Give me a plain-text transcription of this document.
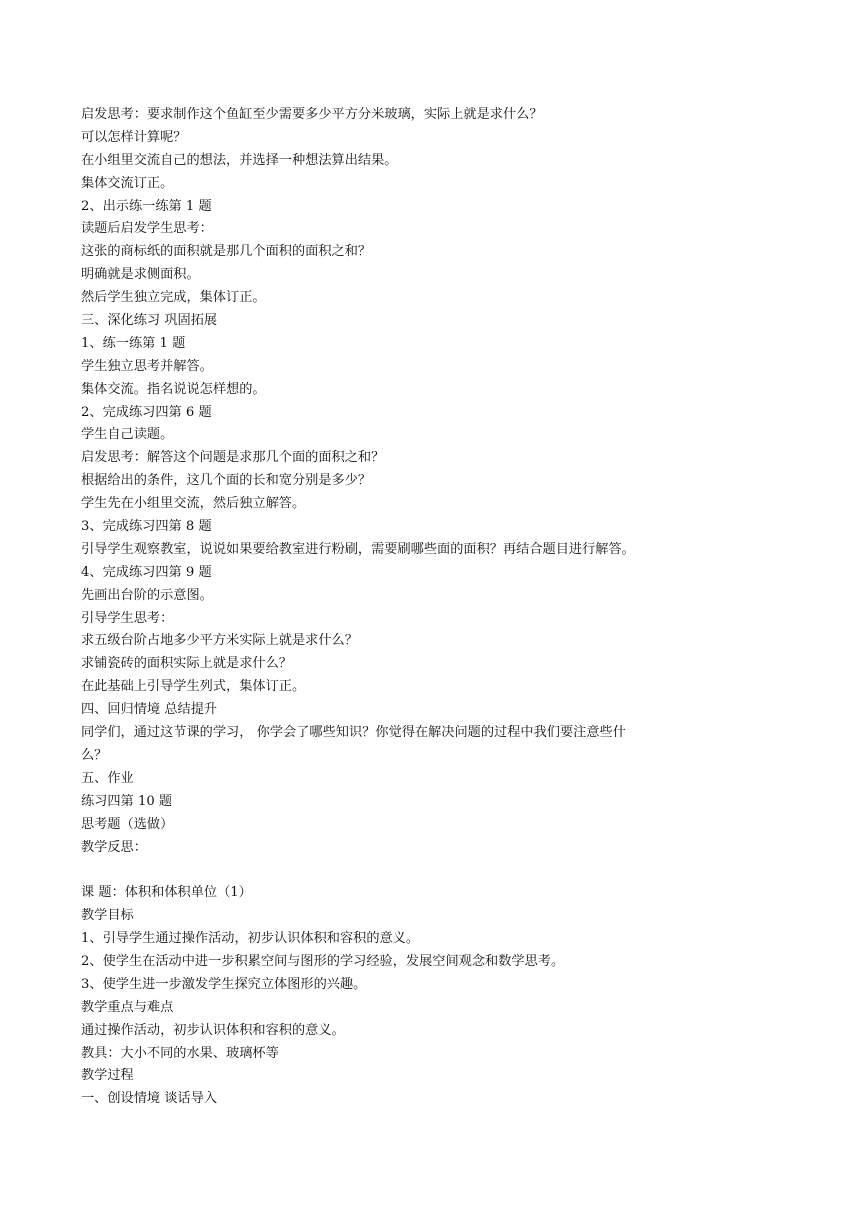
启发思考：要求制作这个鱼缸至少需要多少平方分米玻璃，实际上就是求什么？

可以怎样计算呢？

在小组里交流自己的想法，并选择一种想法算出结果。

集体交流订正。

2、出示练一练第 1 题

读题后启发学生思考：

这张的商标纸的面积就是那几个面积的面积之和？

明确就是求侧面积。

然后学生独立完成，集体订正。

三、深化练习 巩固拓展

1、练一练第 1 题

学生独立思考并解答。

集体交流。指名说说怎样想的。

2、完成练习四第 6 题

学生自己读题。

启发思考：解答这个问题是求那几个面的面积之和？

根据给出的条件，这几个面的长和宽分别是多少？

学生先在小组里交流，然后独立解答。

3、完成练习四第 8 题

引导学生观察教室，说说如果要给教室进行粉刷，需要刷哪些面的面积？再结合题目进行解答。

4、完成练习四第 9 题

先画出台阶的示意图。

引导学生思考：

求五级台阶占地多少平方米实际上就是求什么？

求铺瓷砖的面积实际上就是求什么？

在此基础上引导学生列式，集体订正。

四、回归情境 总结提升

同学们，通过这节课的学习， 你学会了哪些知识？你觉得在解决问题的过程中我们要注意些什

么？

五、作业

练习四第 10 题

思考题（选做）

教学反思：

课 题：体积和体积单位（1）

教学目标

1、引导学生通过操作活动，初步认识体积和容积的意义。

2、使学生在活动中进一步积累空间与图形的学习经验，发展空间观念和数学思考。

3、使学生进一步激发学生探究立体图形的兴趣。

教学重点与难点

通过操作活动，初步认识体积和容积的意义。

教具：大小不同的水果、玻璃杯等

教学过程

一、创设情境 谈话导入
